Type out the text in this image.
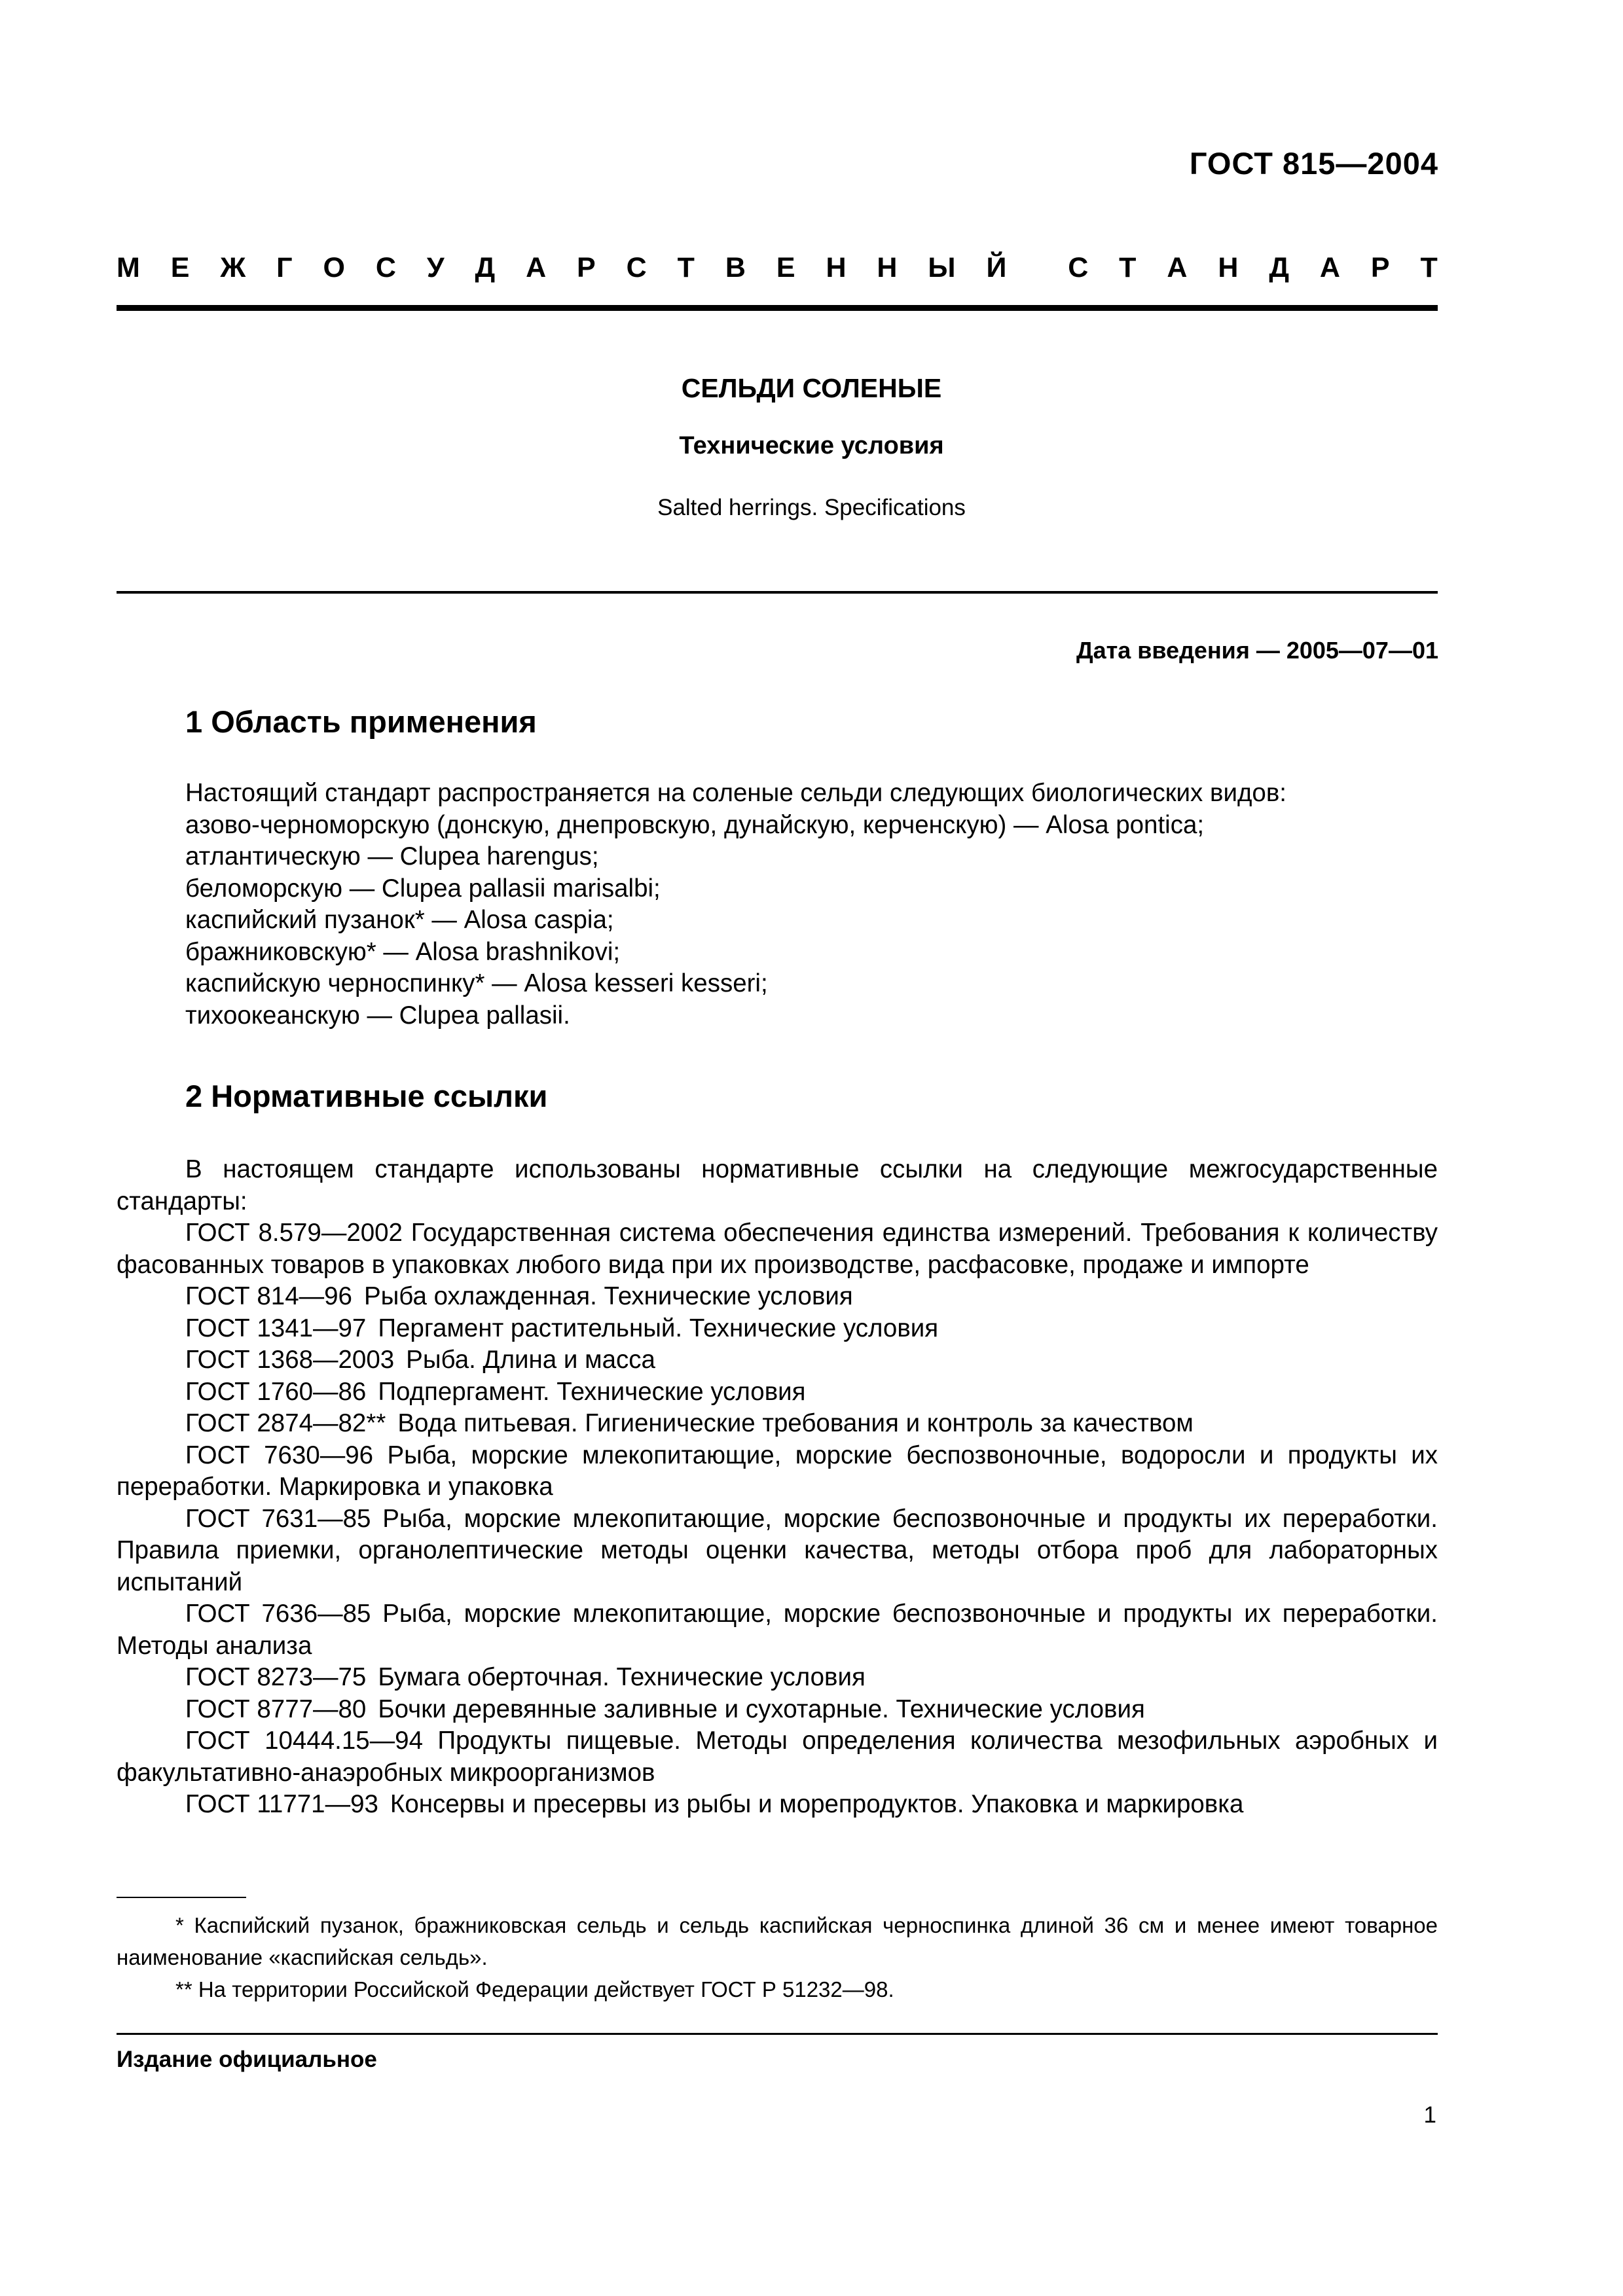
ГОСТ 815—2004
М Е Ж Г О С У Д А Р С Т В Е Н Н Ы Й С Т А Н Д А Р Т
СЕЛЬДИ СОЛЕНЫЕ
Технические условия
Salted herrings. Specifications
Дата введения — 2005—07—01
1 Область применения
Настоящий стандарт распространяется на соленые сельди следующих биологических видов:
азово-черноморскую (донскую, днепровскую, дунайскую, керченскую) — Alosa pontica;
атлантическую — Clupea harengus;
беломорскую — Clupea pallasii marisalbi;
каспийский пузанок* — Alosa caspia;
бражниковскую* — Alosa brashnikovi;
каспийскую черноспинку* — Alosa kesseri kesseri;
тихоокеанскую — Clupea pallasii.
2 Нормативные ссылки

В настоящем стандарте использованы нормативные ссылки на следующие межгосударственные стандарты:

ГОСТ 8.579—2002 Государственная система обеспечения единства измерений. Требования к количеству фасованных товаров в упаковках любого вида при их производстве, расфасовке, продаже и импорте

ГОСТ 814—96 Рыба охлажденная. Технические условия
ГОСТ 1341—97 Пергамент растительный. Технические условия
ГОСТ 1368—2003 Рыба. Длина и масса
ГОСТ 1760—86 Подпергамент. Технические условия
ГОСТ 2874—82** Вода питьевая. Гигиенические требования и контроль за качеством

ГОСТ 7630—96 Рыба, морские млекопитающие, морские беспозвоночные, водоросли и продукты их переработки. Маркировка и упаковка

ГОСТ 7631—85 Рыба, морские млекопитающие, морские беспозвоночные и продукты их переработки. Правила приемки, органолептические методы оценки качества, методы отбора проб для лабораторных испытаний

ГОСТ 7636—85 Рыба, морские млекопитающие, морские беспозвоночные и продукты их переработки. Методы анализа

ГОСТ 8273—75 Бумага оберточная. Технические условия
ГОСТ 8777—80 Бочки деревянные заливные и сухотарные. Технические условия

ГОСТ 10444.15—94 Продукты пищевые. Методы определения количества мезофильных аэробных и факультативно-анаэробных микроорганизмов

ГОСТ 11771—93 Консервы и пресервы из рыбы и морепродуктов. Упаковка и маркировка

* Каспийский пузанок, бражниковская сельдь и сельдь каспийская черноспинка длиной 36 см и менее имеют товарное наименование «каспийская сельдь».

** На территории Российской Федерации действует ГОСТ Р 51232—98.

Издание официальное
1
